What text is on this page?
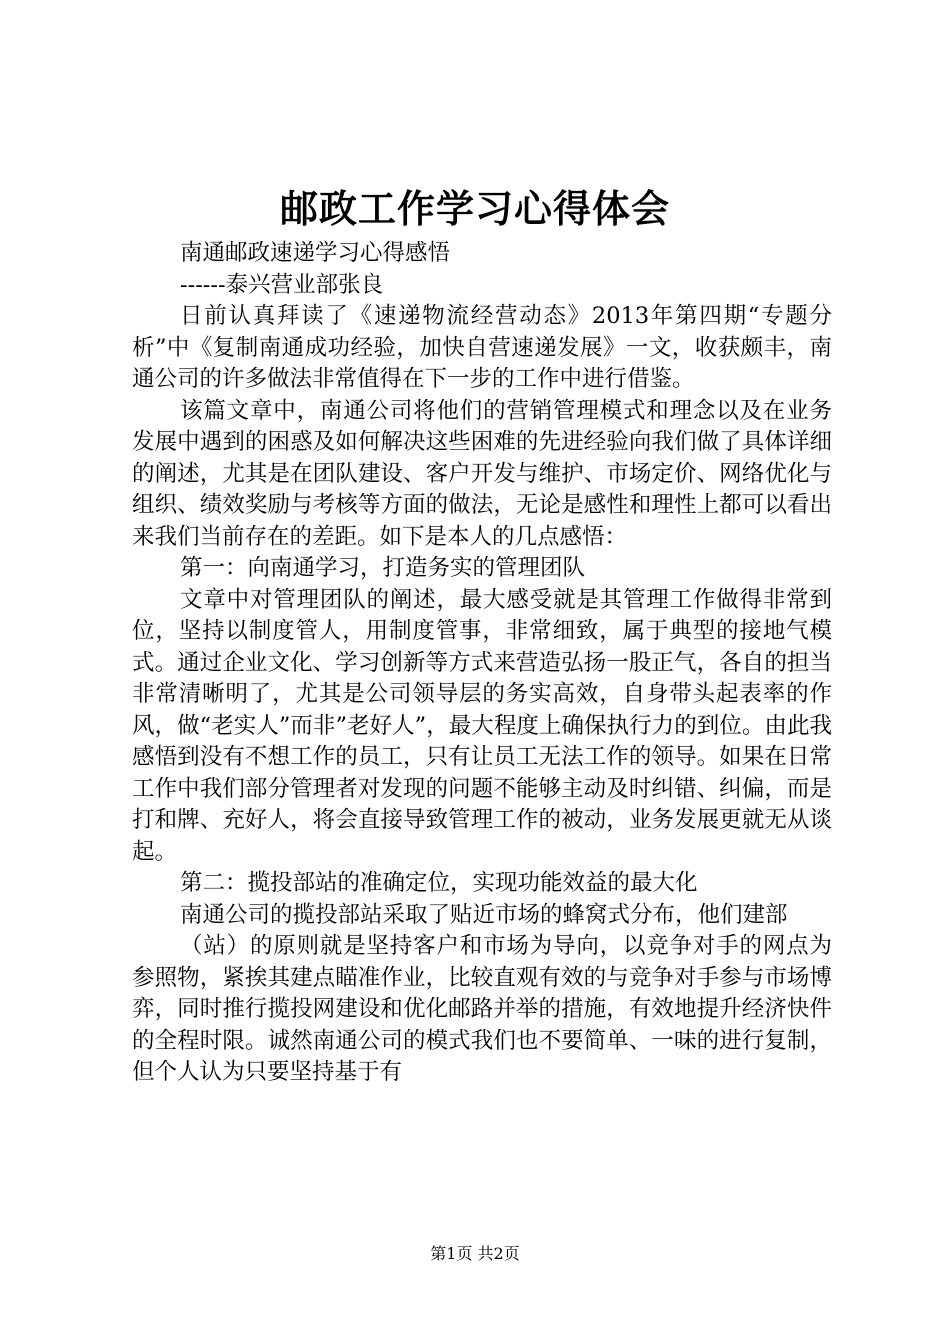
邮政工作学习心得体会

南通邮政速递学习心得感悟

------泰兴营业部张良

日前认真拜读了《速递物流经营动态》2013年第四期“专题分析”中《复制南通成功经验，加快自营速递发展》一文，收获颇丰，南通公司的许多做法非常值得在下一步的工作中进行借鉴。

该篇文章中，南通公司将他们的营销管理模式和理念以及在业务发展中遇到的困惑及如何解决这些困难的先进经验向我们做了具体详细的阐述，尤其是在团队建设、客户开发与维护、市场定价、网络优化与组织、绩效奖励与考核等方面的做法，无论是感性和理性上都可以看出来我们当前存在的差距。如下是本人的几点感悟：

第一：向南通学习，打造务实的管理团队

文章中对管理团队的阐述，最大感受就是其管理工作做得非常到位，坚持以制度管人，用制度管事，非常细致，属于典型的接地气模式。通过企业文化、学习创新等方式来营造弘扬一股正气，各自的担当非常清晰明了，尤其是公司领导层的务实高效，自身带头起表率的作风，做“老实人”而非”老好人”，最大程度上确保执行力的到位。由此我感悟到没有不想工作的员工，只有让员工无法工作的领导。如果在日常工作中我们部分管理者对发现的问题不能够主动及时纠错、纠偏，而是打和牌、充好人，将会直接导致管理工作的被动，业务发展更就无从谈起。

第二：揽投部站的准确定位，实现功能效益的最大化

南通公司的揽投部站采取了贴近市场的蜂窝式分布，他们建部

（站）的原则就是坚持客户和市场为导向，以竞争对手的网点为参照物，紧挨其建点瞄准作业，比较直观有效的与竞争对手参与市场博弈，同时推行揽投网建设和优化邮路并举的措施，有效地提升经济快件的全程时限。诚然南通公司的模式我们也不要简单、一味的进行复制，但个人认为只要坚持基于有

第1页 共2页
